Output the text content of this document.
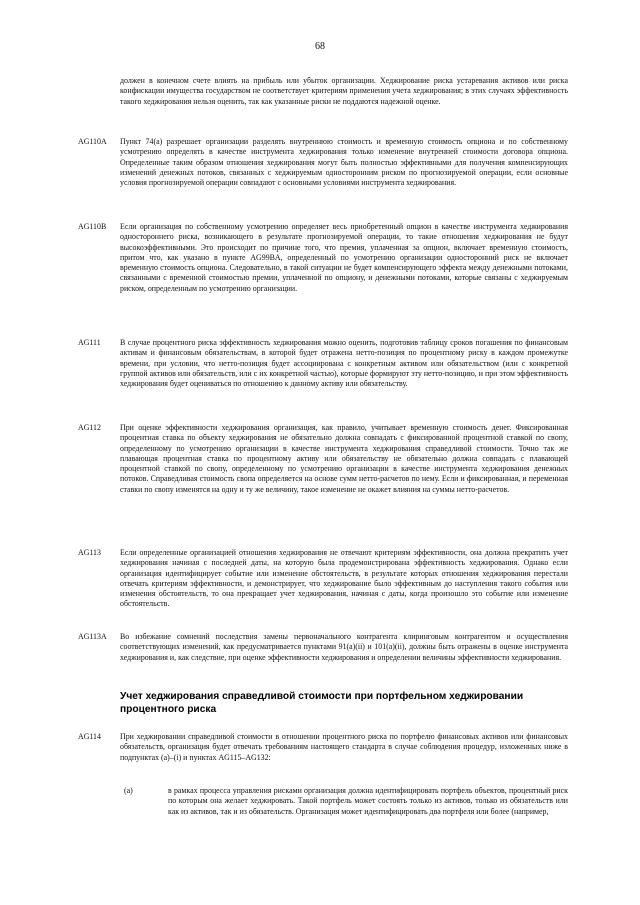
68
должен в конечном счете влиять на прибыль или убыток организации. Хеджирование риска устаревания активов или риска конфискации имущества государством не соответствует критериям применения учета хеджирования; в этих случаях эффективность такого хеджирования нельзя оценить, так как указанные риски не поддаются надежной оценке.
AG110A Пункт 74(a) разрешает организации разделять внутреннюю стоимость и временную стоимость опциона и по собственному усмотрению определять в качестве инструмента хеджирования только изменение внутренней стоимости договора опциона. Определенные таким образом отношения хеджирования могут быть полностью эффективными для получения компенсирующих изменений денежных потоков, связанных с хеджируемым односторонним риском по прогнозируемой операции, если основные условия прогнозируемой операции совпадают с основными условиями инструмента хеджирования.
AG110B Если организация по собственному усмотрению определяет весь приобретенный опцион в качестве инструмента хеджирования одностороннего риска, возникающего в результате прогнозируемой операции, то такие отношения хеджирования не будут высокоэффективными. Это происходит по причине того, что премия, уплаченная за опцион, включает временную стоимость, притом что, как указано в пункте AG99BA, определенный по усмотрению организации односторонний риск не включает временную стоимость опциона. Следовательно, в такой ситуации не будет компенсирующего эффекта между денежными потоками, связанными с временной стоимостью премии, уплаченной по опциону, и денежными потоками, которые связаны с хеджируемым риском, определенным по усмотрению организации.
AG111 В случае процентного риска эффективность хеджирования можно оценить, подготовив таблицу сроков погашения по финансовым активам и финансовым обязательствам, в которой будет отражена нетто-позиция по процентному риску в каждом промежутке времени, при условии, что нетто-позиция будет ассоциирована с конкретным активом или обязательством (или с конкретной группой активов или обязательств, или с их конкретной частью), которые формируют эту нетто-позицию, и при этом эффективность хеджирования будет оцениваться по отношению к данному активу или обязательству.
AG112 При оценке эффективности хеджирования организация, как правило, учитывает временную стоимость денег. Фиксированная процентная ставка по объекту хеджирования не обязательно должна совпадать с фиксированной процентной ставкой по свопу, определенному по усмотрению организации в качестве инструмента хеджирования справедливой стоимости. Точно так же плавающая процентная ставка по процентному активу или обязательству не обязательно должна совпадать с плавающей процентной ставкой по свопу, определенному по усмотрению организации в качестве инструмента хеджирования денежных потоков. Справедливая стоимость свопа определяется на основе сумм нетто-расчетов по нему. Если и фиксированная, и переменная ставки по свопу изменятся на одну и ту же величину, такое изменение не окажет влияния на суммы нетто-расчетов.
AG113 Если определенные организацией отношения хеджирования не отвечают критериям эффективности, она должна прекратить учет хеджирования начиная с последней даты, на которую была продемонстрирована эффективность хеджирования. Однако если организация идентифицирует событие или изменение обстоятельств, в результате которых отношения хеджирования перестали отвечать критериям эффективности, и демонстрирует, что хеджирование было эффективным до наступления такого события или изменения обстоятельств, то она прекращает учет хеджирования, начиная с даты, когда произошло это событие или изменение обстоятельств.
AG113A Во избежание сомнений последствия замены первоначального контрагента клиринговым контрагентом и осуществления соответствующих изменений, как предусматривается пунктами 91(a)(ii) и 101(a)(ii), должны быть отражены в оценке инструмента хеджирования и, как следствие, при оценке эффективности хеджирования и определении величины эффективности хеджирования.
Учет хеджирования справедливой стоимости при портфельном хеджировании процентного риска
AG114 При хеджировании справедливой стоимости в отношении процентного риска по портфелю финансовых активов или финансовых обязательств, организация будет отвечать требованиям настоящего стандарта в случае соблюдения процедур, изложенных ниже в подпунктах (a)–(i) и пунктах AG115–AG132:
(a)	в рамках процесса управления рисками организация должна идентифицировать портфель объектов, процентный риск по которым она желает хеджировать. Такой портфель может состоять только из активов, только из обязательств или как из активов, так и из обязательств. Организация может идентифицировать два портфеля или более (например,
